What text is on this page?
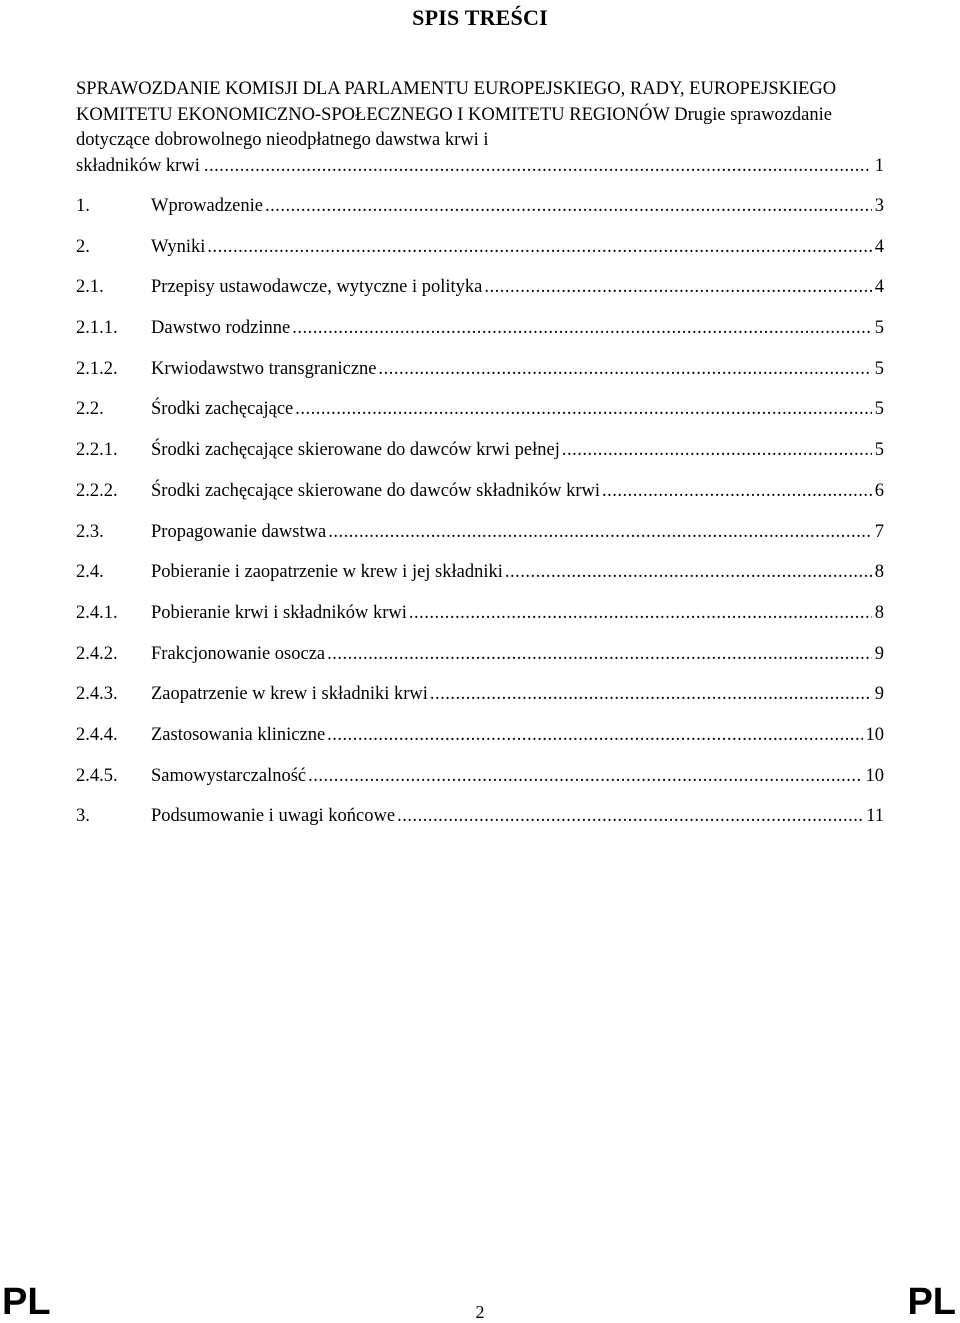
SPIS TREŚCI
SPRAWOZDANIE KOMISJI DLA PARLAMENTU EUROPEJSKIEGO, RADY, EUROPEJSKIEGO KOMITETU EKONOMICZNO-SPOŁECZNEGO I KOMITETU REGIONÓW Drugie sprawozdanie dotyczące dobrowolnego nieodpłatnego dawstwa krwi i
składników krwi .....	1
1.	Wprowadzenie .....	3
2.	Wyniki .....	4
2.1.	Przepisy ustawodawcze, wytyczne i polityka .....	4
2.1.1.	Dawstwo rodzinne .....	5
2.1.2.	Krwiodawstwo transgraniczne .....	5
2.2.	Środki zachęcające .....	5
2.2.1.	Środki zachęcające skierowane do dawców krwi pełnej .....	5
2.2.2.	Środki zachęcające skierowane do dawców składników krwi .....	6
2.3.	Propagowanie dawstwa .....	7
2.4.	Pobieranie i zaopatrzenie w krew i jej składniki .....	8
2.4.1.	Pobieranie krwi i składników krwi .....	8
2.4.2.	Frakcjonowanie osocza .....	9
2.4.3.	Zaopatrzenie w krew i składniki krwi .....	9
2.4.4.	Zastosowania kliniczne .....	10
2.4.5.	Samowystarczalność .....	10
3.	Podsumowanie i uwagi końcowe .....	11
PL	2	PL
